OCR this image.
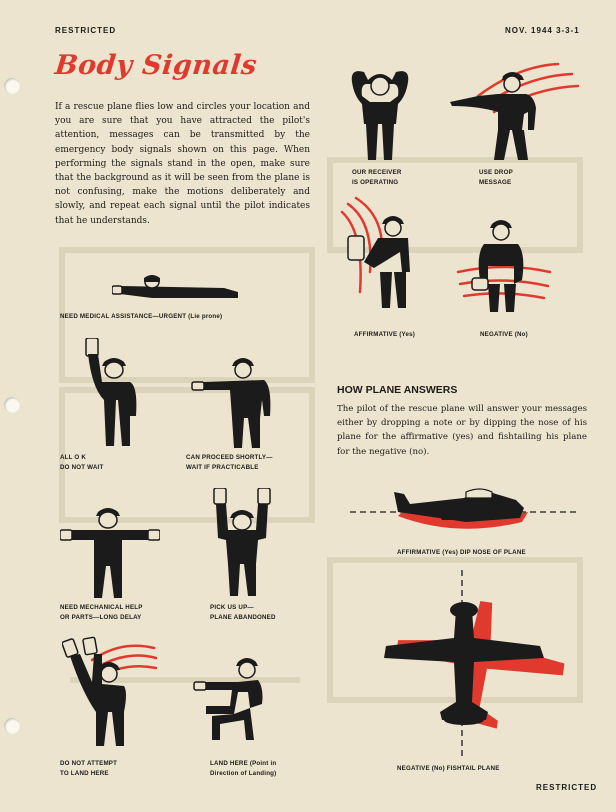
RESTRICTED	NOV. 1944 3-3-1
Body Signals
If a rescue plane flies low and circles your location and you are sure that you have attracted the pilot's attention, messages can be transmitted by the emergency body signals shown on this page. When performing the signals stand in the open, make sure that the background as it will be seen from the plane is not confusing, make the motions deliberately and slowly, and repeat each signal until the pilot indicates that he understands.
OUR RECEIVER
IS OPERATING
USE DROP
MESSAGE
AFFIRMATIVE (Yes)	NEGATIVE (No)
NEED MEDICAL ASSISTANCE—URGENT (Lie prone)
ALL O K
DO NOT WAIT
CAN PROCEED SHORTLY—
WAIT IF PRACTICABLE
NEED MECHANICAL HELP
OR PARTS—LONG DELAY
PICK US UP—
PLANE ABANDONED
DO NOT ATTEMPT
TO LAND HERE
LAND HERE (Point in
Direction of Landing)
HOW PLANE ANSWERS
The pilot of the rescue plane will answer your messages either by dropping a note or by dipping the nose of his plane for the affirmative (yes) and fishtailing his plane for the negative (no).
AFFIRMATIVE (Yes) DIP NOSE OF PLANE
NEGATIVE (No) FISHTAIL PLANE
RESTRICTED
